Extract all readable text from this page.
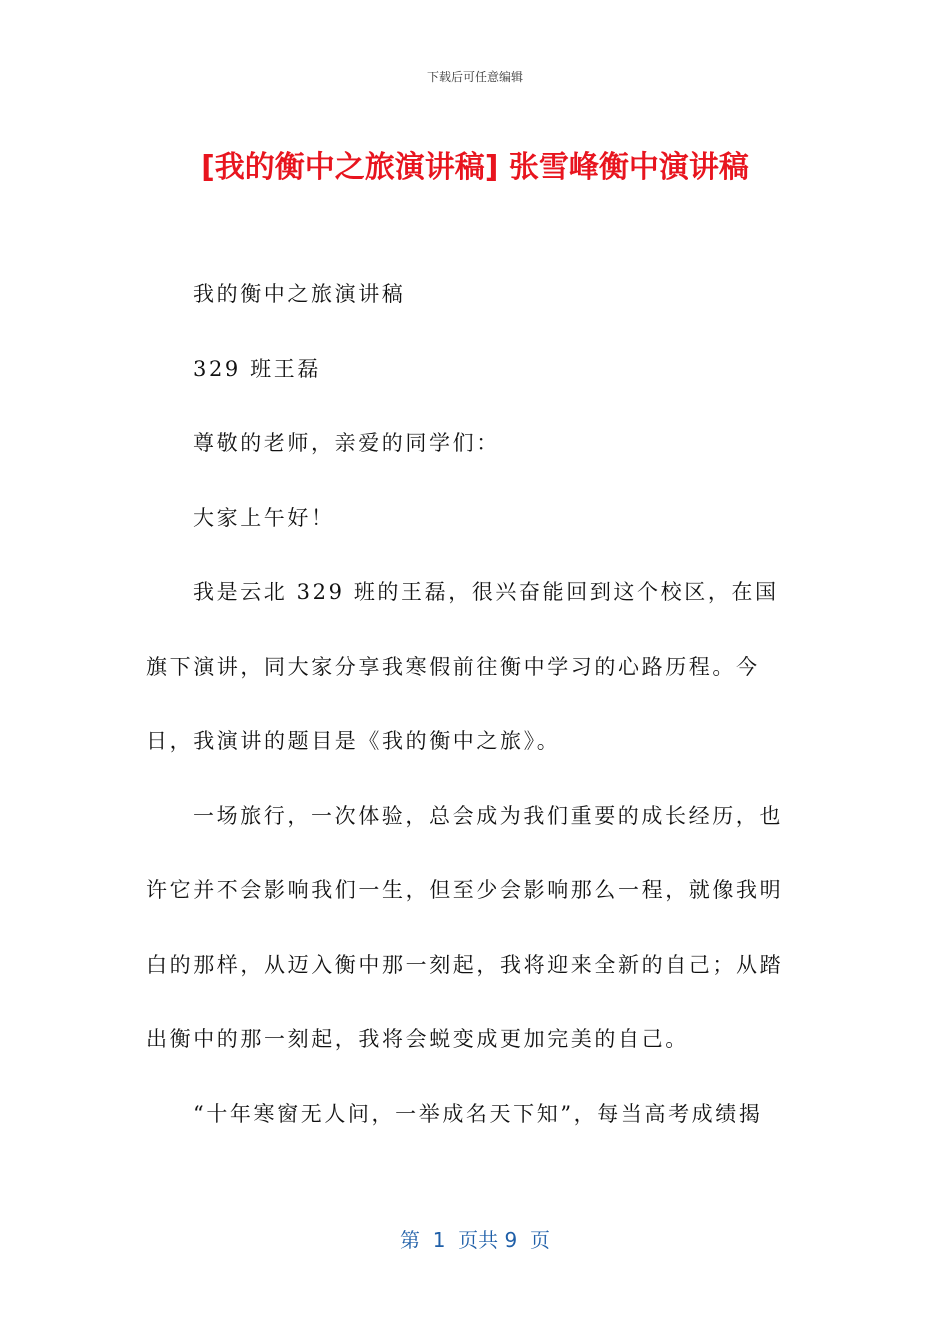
下载后可任意编辑
[我的衡中之旅演讲稿] 张雪峰衡中演讲稿

我的衡中之旅演讲稿

329 班王磊

尊敬的老师，亲爱的同学们：

大家上午好！

我是云北 329 班的王磊，很兴奋能回到这个校区，在国旗下演讲，同大家分享我寒假前往衡中学习的心路历程。今日，我演讲的题目是《我的衡中之旅》。

一场旅行，一次体验，总会成为我们重要的成长经历，也许它并不会影响我们一生，但至少会影响那么一程，就像我明白的那样，从迈入衡中那一刻起，我将迎来全新的自己；从踏出衡中的那一刻起，我将会蜕变成更加完美的自己。

“十年寒窗无人问，一举成名天下知”，每当高考成绩揭

第  1  页共 9  页
